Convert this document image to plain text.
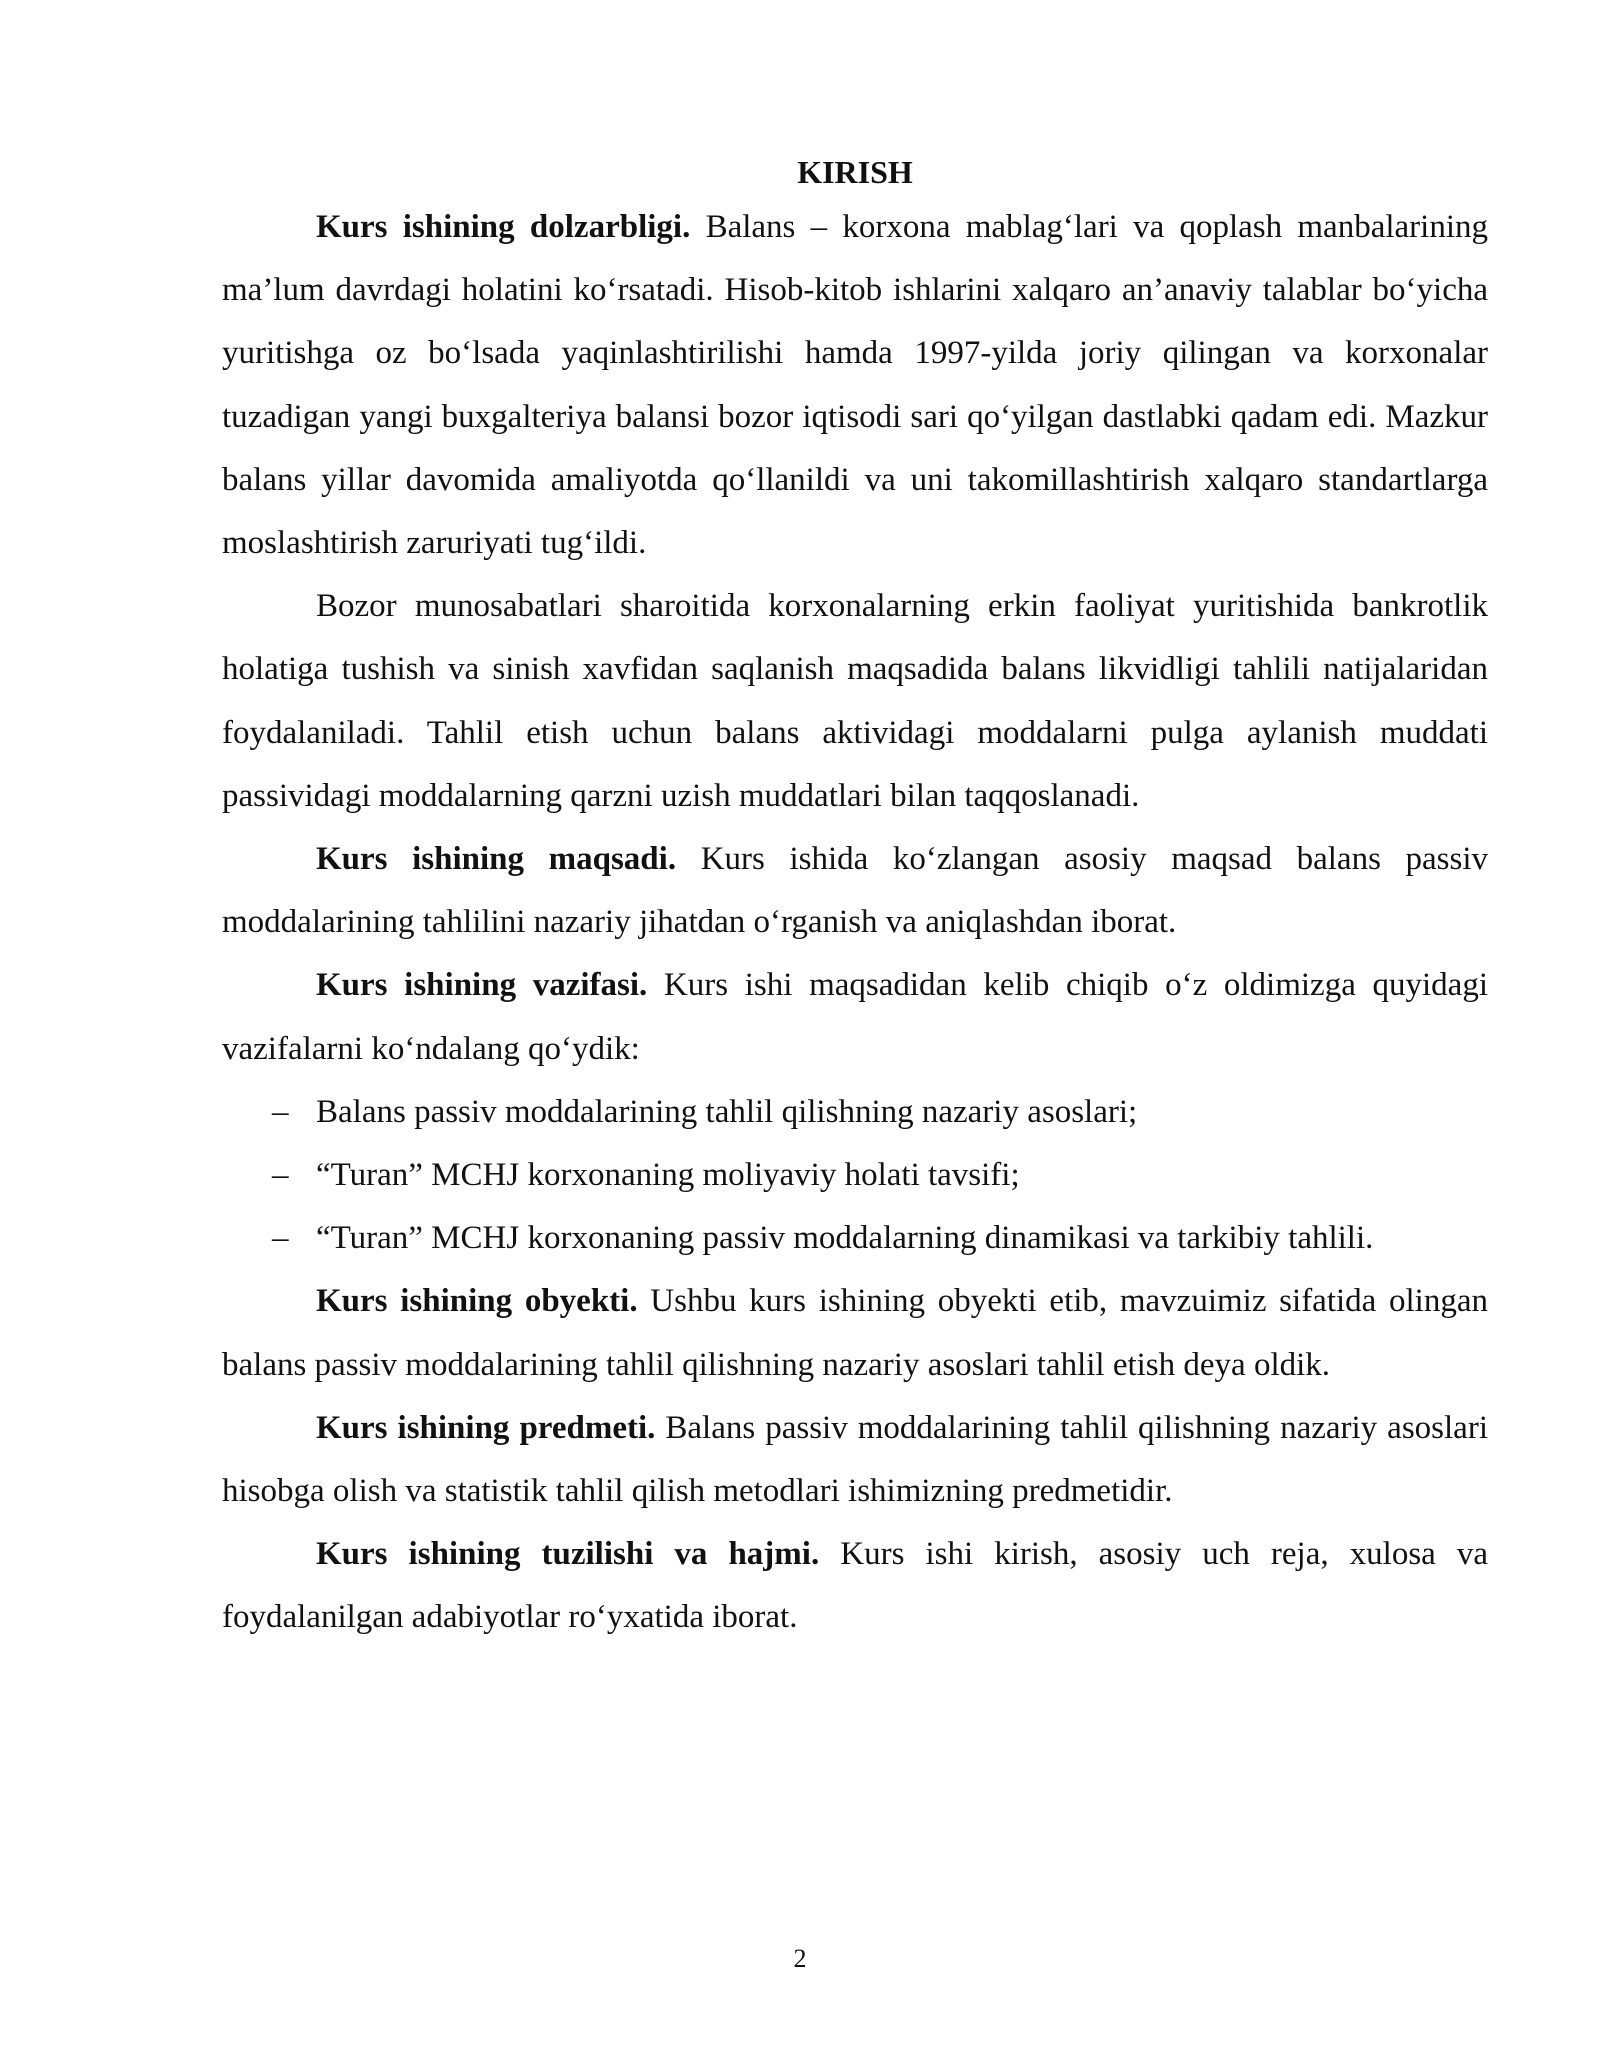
KIRISH

Kurs ishining dolzarbligi. Balans – korxona mablag‘lari va qoplash manbalarining ma’lum davrdagi holatini ko‘rsatadi. Hisob-kitob ishlarini xalqaro an’anaviy talablar bo‘yicha yuritishga oz bo‘lsada yaqinlashtirilishi hamda 1997-yilda joriy qilingan va korxonalar tuzadigan yangi buxgalteriya balansi bozor iqtisodi sari qo‘yilgan dastlabki qadam edi. Mazkur balans yillar davomida amaliyotda qo‘llanildi va uni takomillashtirish xalqaro standartlarga moslashtirish zaruriyati tug‘ildi.

Bozor munosabatlari sharoitida korxonalarning erkin faoliyat yuritishida bankrotlik holatiga tushish va sinish xavfidan saqlanish maqsadida balans likvidligi tahlili natijalaridan foydalaniladi. Tahlil etish uchun balans aktividagi moddalarni pulga aylanish muddati passividagi moddalarning qarzni uzish muddatlari bilan taqqoslanadi.

Kurs ishining maqsadi. Kurs ishida ko‘zlangan asosiy maqsad balans passiv moddalarining tahlilini nazariy jihatdan o‘rganish va aniqlashdan iborat.

Kurs ishining vazifasi. Kurs ishi maqsadidan kelib chiqib o‘z oldimizga quyidagi vazifalarni ko‘ndalang qo‘ydik:

– Balans passiv moddalarining tahlil qilishning nazariy asoslari;
– “Turan” MCHJ korxonaning moliyaviy holati tavsifi;
– “Turan” MCHJ korxonaning passiv moddalarning dinamikasi va tarkibiy tahlili.

Kurs ishining obyekti. Ushbu kurs ishining obyekti etib, mavzuimiz sifatida olingan balans passiv moddalarining tahlil qilishning nazariy asoslari tahlil etish deya oldik.

Kurs ishining predmeti. Balans passiv moddalarining tahlil qilishning nazariy asoslari hisobga olish va statistik tahlil qilish metodlari ishimizning predmetidir.

Kurs ishining tuzilishi va hajmi. Kurs ishi kirish, asosiy uch reja, xulosa va foydalanilgan adabiyotlar ro‘yxatida iborat.

2
